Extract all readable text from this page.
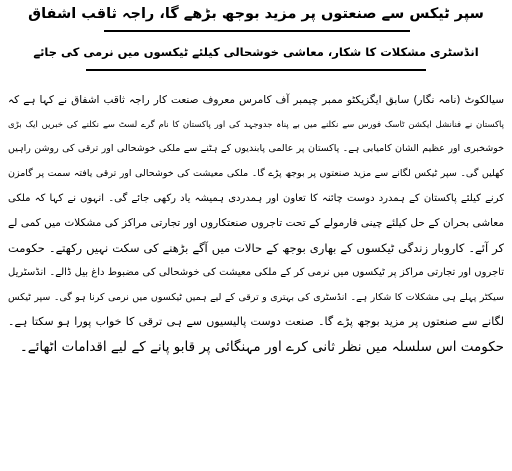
سپر ٹیکس سے صنعتوں پر مزید بوجھ بڑھے گا، راجہ ثاقب اشفاق
انڈسٹری مشکلات کا شکار، معاشی خوشحالی کیلئے ٹیکسوں میں نرمی کی جائے
سیالکوٹ (نامہ نگار) سابق ایگزیکٹو ممبر چیمبر آف کامرس معروف صنعت کار راجہ ثاقب اشفاق نے کہا ہے کہ
پاکستان نے فنانشل ایکشن ٹاسک فورس سے نکلنے میں بے پناہ جدوجہد کی اور پاکستان کا نام گرے لسٹ سے نکلنے کی خبریں ایک بڑی
خوشخبری اور عظیم الشان کامیابی ہے۔ پاکستان پر عالمی پابندیوں کے ہٹنے سے ملکی خوشحالی اور ترقی کی روشن راہیں
کھلیں گی۔ سپر ٹیکس لگانے سے مزید صنعتوں پر بوجھ پڑے گا۔ ملکی معیشت کی خوشحالی اور ترقی یافتہ سمت پر گامزن
کرنے کیلئے پاکستان کے ہمدرد دوست چائنہ کا تعاون اور ہمدردی ہمیشہ یاد رکھی جائے گی۔ انہوں نے کہا کہ ملکی
معاشی بحران کے حل کیلئے چینی فارمولے کے تحت تاجروں صنعتکاروں اور تجارتی مراکز کی مشکلات میں کمی لے
کر آئے۔ کاروبار زندگی ٹیکسوں کے بھاری بوجھ کے حالات میں آگے بڑھنے کی سکت نہیں رکھتے۔ حکومت
تاجروں اور تجارتی مراکز پر ٹیکسوں میں نرمی کر کے ملکی معیشت کی خوشحالی کی مضبوط داغ بیل ڈالے۔ انڈسٹریل
سیکٹر پہلے ہی مشکلات کا شکار ہے۔ انڈسٹری کی بہتری و ترقی کے لیے ہمیں ٹیکسوں میں نرمی کرنا ہو گی۔ سپر ٹیکس
لگانے سے صنعتوں پر مزید بوجھ پڑے گا۔ صنعت دوست پالیسیوں سے ہی ترقی کا خواب پورا ہو سکتا ہے۔
حکومت اس سلسلہ میں نظر ثانی کرے اور مہنگائی پر قابو پانے کے لیے اقدامات اٹھائے۔
